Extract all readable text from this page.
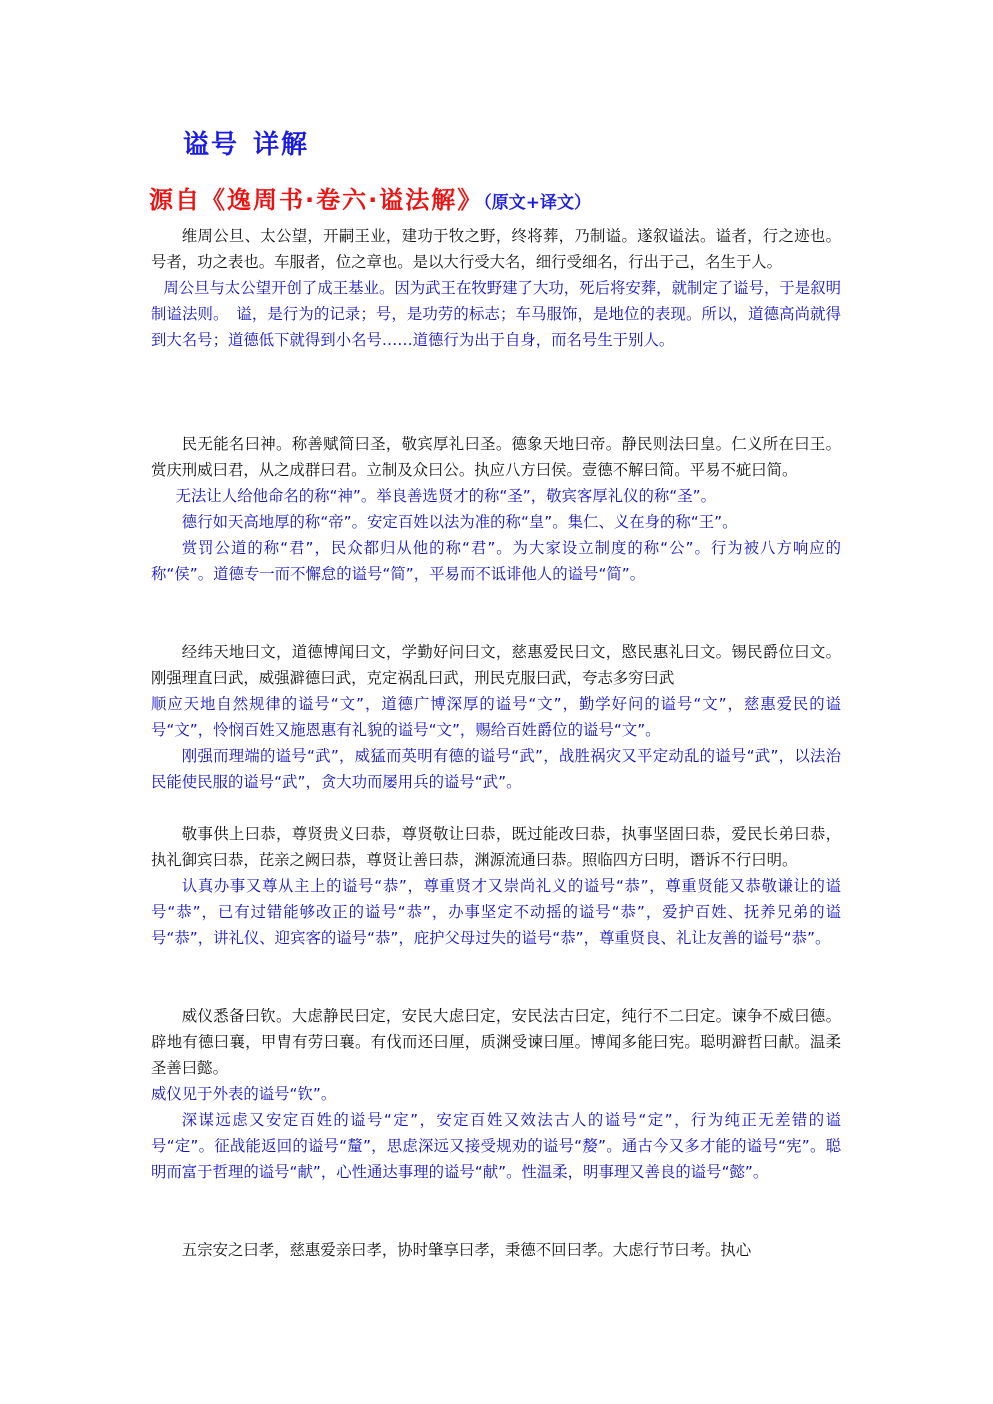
谥号 详解
源自《逸周书·卷六·谥法解》（原文+译文）

维周公旦、太公望，开嗣王业，建功于牧之野，终将葬，乃制谥。遂叙谥法。谥者，行之迹也。号者，功之表也。车服者，位之章也。是以大行受大名，细行受细名，行出于己，名生于人。

周公旦与太公望开创了成王基业。因为武王在牧野建了大功，死后将安葬，就制定了谥号，于是叙明制谥法则。　谥，是行为的记录；号，是功劳的标志；车马服饰，是地位的表现。所以，道德高尚就得到大名号；道德低下就得到小名号……道德行为出于自身，而名号生于别人。

民无能名曰神。称善赋简曰圣，敬宾厚礼曰圣。德象天地曰帝。静民则法曰皇。仁义所在曰王。赏庆刑威曰君，从之成群曰君。立制及众曰公。执应八方曰侯。壹德不解曰简。平易不疵曰简。

无法让人给他命名的称“神”。举良善选贤才的称“圣”，敬宾客厚礼仪的称“圣”。

德行如天高地厚的称“帝”。安定百姓以法为准的称“皇”。集仁、义在身的称“王”。

赏罚公道的称“君”，民众都归从他的称“君”。为大家设立制度的称“公”。行为被八方响应的称“侯”。道德专一而不懈怠的谥号“简”，平易而不诋诽他人的谥号“简”。

经纬天地曰文，道德博闻曰文，学勤好问曰文，慈惠爱民曰文，愍民惠礼曰文。锡民爵位曰文。刚强理直曰武，威强澼德曰武，克定祸乱曰武，刑民克服曰武，夸志多穷曰武

顺应天地自然规律的谥号“文”，道德广博深厚的谥号“文”，勤学好问的谥号“文”，慈惠爱民的谥号“文”，怜悯百姓又施恩惠有礼貌的谥号“文”，赐给百姓爵位的谥号“文”。

刚强而理端的谥号“武”，威猛而英明有德的谥号“武”，战胜祸灾又平定动乱的谥号“武”，以法治民能使民服的谥号“武”，贪大功而屡用兵的谥号“武”。

敬事供上曰恭，尊贤贵义曰恭，尊贤敬让曰恭，既过能改曰恭，执事坚固曰恭，爱民长弟曰恭，执礼御宾曰恭，芘亲之阙曰恭，尊贤让善曰恭，渊源流通曰恭。照临四方曰明，谮诉不行曰明。

认真办事又尊从主上的谥号“恭”，尊重贤才又崇尚礼义的谥号“恭”，尊重贤能又恭敬谦让的谥号“恭”，已有过错能够改正的谥号“恭”，办事坚定不动摇的谥号“恭”，爱护百姓、抚养兄弟的谥号“恭”，讲礼仪、迎宾客的谥号“恭”，庇护父母过失的谥号“恭”，尊重贤良、礼让友善的谥号“恭”。

威仪悉备曰钦。大虑静民曰定，安民大虑曰定，安民法古曰定，纯行不二曰定。谏争不威曰德。辟地有德曰襄，甲胄有劳曰襄。有伐而还曰厘，质渊受谏曰厘。博闻多能曰宪。聪明澼哲曰献。温柔圣善曰懿。

威仪见于外表的谥号“钦”。

深谋远虑又安定百姓的谥号“定”，安定百姓又效法古人的谥号“定”，行为纯正无差错的谥号“定”。征战能返回的谥号“釐”，思虑深远又接受规劝的谥号“嫠”。通古今又多才能的谥号“宪”。聪明而富于哲理的谥号“献”，心性通达事理的谥号“献”。性温柔，明事理又善良的谥号“懿”。

五宗安之曰孝，慈惠爱亲曰孝，协时肇享曰孝，秉德不回曰孝。大虑行节曰考。执心
